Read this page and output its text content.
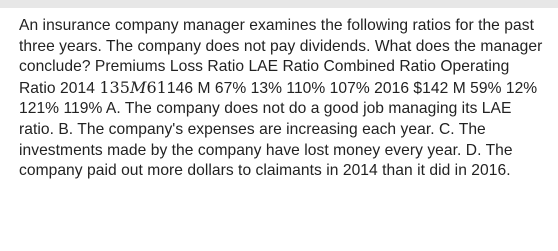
An insurance company manager examines the following ratios for the past three years. The company does not pay dividends. What does the manager conclude? Premiums Loss Ratio LAE Ratio Combined Ratio Operating Ratio 2014 135M61146 M 67% 13% 110% 107% 2016 $142 M 59% 12% 121% 119% A. The company does not do a good job managing its LAE ratio. B. The company's expenses are increasing each year. C. The investments made by the company have lost money every year. D. The company paid out more dollars to claimants in 2014 than it did in 2016.
